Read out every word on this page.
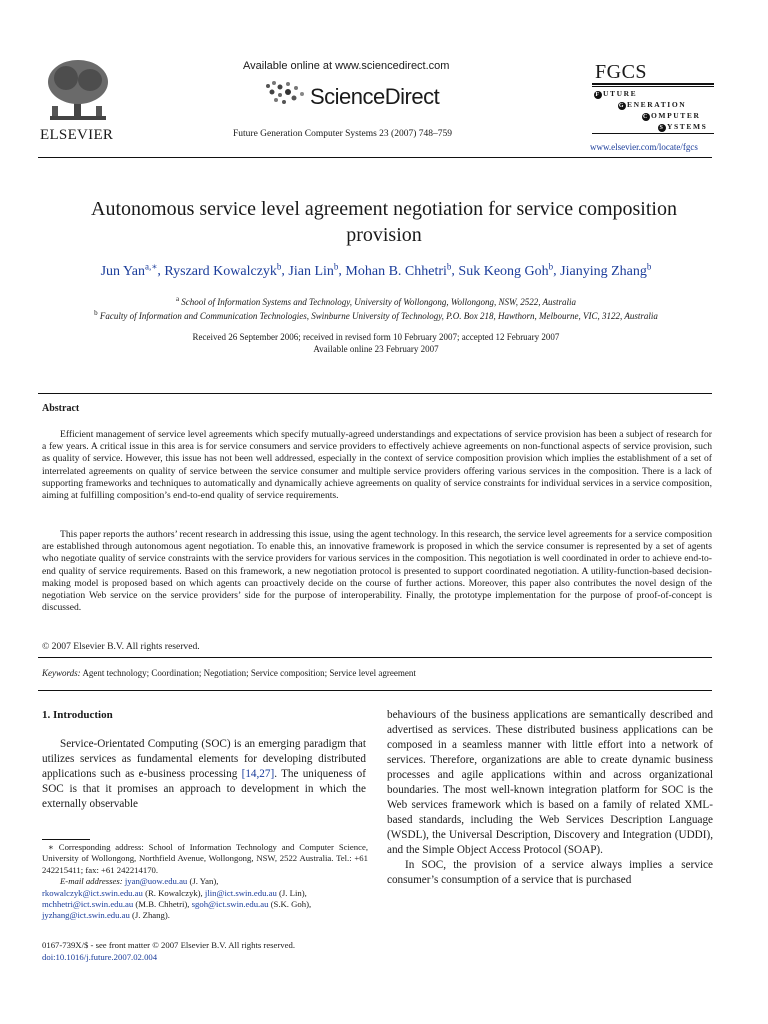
ELSEVIER
Available online at www.sciencedirect.com
ScienceDirect
Future Generation Computer Systems 23 (2007) 748–759
FGCS
F UTURE
G ENERATION
C OMPUTER
S YSTEMS
www.elsevier.com/locate/fgcs
Autonomous service level agreement negotiation for service composition provision
Jun Yan$^{a,∗}$, Ryszard Kowalczyk$^b$, Jian Lin$^b$, Mohan B. Chhetri$^b$, Suk Keong Goh$^b$, Jianying Zhang$^b$
$^a$ School of Information Systems and Technology, University of Wollongong, Wollongong, NSW, 2522, Australia
$^b$ Faculty of Information and Communication Technologies, Swinburne University of Technology, P.O. Box 218, Hawthorn, Melbourne, VIC, 3122, Australia
Received 26 September 2006; received in revised form 10 February 2007; accepted 12 February 2007
Available online 23 February 2007
Abstract
Efficient management of service level agreements which specify mutually-agreed understandings and expectations of service provision has been a subject of research for a few years. A critical issue in this area is for service consumers and service providers to effectively achieve agreements on non-functional aspects of service provision, such as quality of service. However, this issue has not been well addressed, especially in the context of service composition provision which implies the establishment of a set of interrelated agreements on quality of service between the service consumer and multiple service providers offering various services in the composition. There is a lack of supporting frameworks and techniques to automatically and dynamically achieve agreements on quality of service constraints for individual services in a service composition, aiming at fulfilling composition’s end-to-end quality of service requirements.
This paper reports the authors’ recent research in addressing this issue, using the agent technology. In this research, the service level agreements for a service composition are established through autonomous agent negotiation. To enable this, an innovative framework is proposed in which the service consumer is represented by a set of agents who negotiate quality of service constraints with the service providers for various services in the composition. This negotiation is well coordinated in order to achieve end-to-end quality of service requirements. Based on this framework, a new negotiation protocol is presented to support coordinated negotiation. A utility-function-based decision-making model is proposed based on which agents can proactively decide on the course of further actions. Moreover, this paper also contributes the novel design of the negotiation Web service on the service providers’ side for the purpose of interoperability. Finally, the prototype implementation for the purpose of proof-of-concept is discussed.
© 2007 Elsevier B.V. All rights reserved.
Keywords: Agent technology; Coordination; Negotiation; Service composition; Service level agreement
1. Introduction
Service-Orientated Computing (SOC) is an emerging paradigm that utilizes services as fundamental elements for developing distributed applications such as e-business processing [14,27]. The uniqueness of SOC is that it promises an approach to development in which the externally observable

behaviours of the business applications are semantically described and advertised as services. These distributed business applications can be composed in a seamless manner with little effort into a network of services. Therefore, organizations are able to create dynamic business processes and agile applications within and across organizational boundaries. The most well-known integration platform for SOC is the Web services framework which is based on a family of related XML-based standards, including the Web Services Description Language (WSDL), the Universal Description, Discovery and Integration (UDDI), and the Simple Object Access Protocol (SOAP).

In SOC, the provision of a service always implies a service consumer’s consumption of a service that is purchased

∗ Corresponding address: School of Information Technology and Computer Science, University of Wollongong, Northfield Avenue, Wollongong, NSW, 2522 Australia. Tel.: +61 242215411; fax: +61 242214170.
E-mail addresses: jyan@uow.edu.au (J. Yan),
rkowalczyk@ict.swin.edu.au (R. Kowalczyk), jlin@ict.swin.edu.au (J. Lin),
mchhetri@ict.swin.edu.au (M.B. Chhetri), sgoh@ict.swin.edu.au (S.K. Goh),
jyzhang@ict.swin.edu.au (J. Zhang).
0167-739X/$ - see front matter © 2007 Elsevier B.V. All rights reserved.
doi:10.1016/j.future.2007.02.004
